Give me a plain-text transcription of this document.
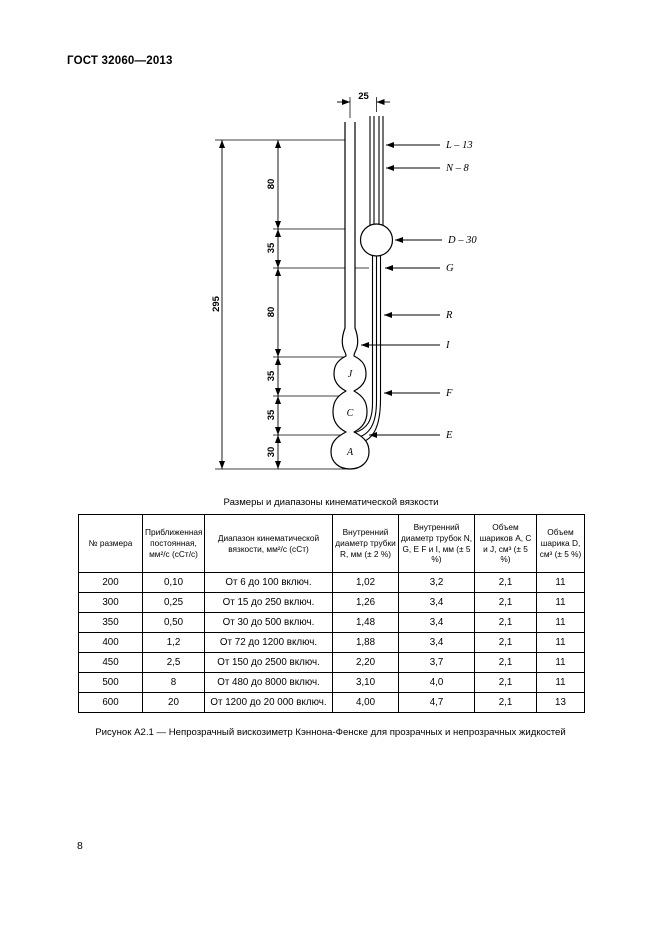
ГОСТ 32060—2013
25
295
80
35
80
35
35
30
L – 13
N – 8
D – 30
G
R
I
F
E
J
C
A
Размеры и диапазоны кинематической вязкости
№ размера	Приближенная постоянная, мм²/с (сСт/с)	Диапазон кинематической вязкости, мм²/с (сСт)	Внутренний диаметр трубки R, мм (± 2 %)	Внутренний диаметр трубок N, G, E F и I, мм (± 5 %)	Объем шариков A, C и J, см³ (± 5 %)	Объем шарика D, см³ (± 5 %)
200	0,10	От 6 до 100 включ.	1,02	3,2	2,1	11
300	0,25	От 15 до 250 включ.	1,26	3,4	2,1	11
350	0,50	От 30 до 500 включ.	1,48	3,4	2,1	11
400	1,2	От 72 до 1200 включ.	1,88	3,4	2,1	11
450	2,5	От 150 до 2500 включ.	2,20	3,7	2,1	11
500	8	От 480 до 8000 включ.	3,10	4,0	2,1	11
600	20	От 1200 до 20 000 включ.	4,00	4,7	2,1	13
Рисунок А2.1 — Непрозрачный вискозиметр Кэннона-Фенске для прозрачных и непрозрачных жидкостей
8
